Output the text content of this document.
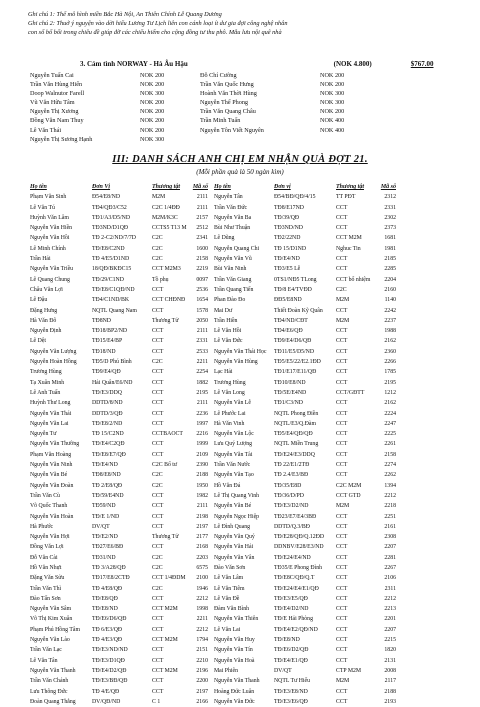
Ghi chú 1: Thể mô hình miền Bắc Hà Nội, An Thiên Chính Lễ Quang Dương
Ghi chú 2: Thuở ý nguyện vào dời hiếu Lương Tư Lịch liên con cánh loại ít dư gia đợi công nghệ nhân
con số bố bối trong chiêu đề giúp đỡ các chiếu hiếm cho cộng đồng tư thu phô. Mẫu lưu nội quê nhà
3. Cảm tình NORWAY - Hà Âu Hậu	(NOK 4.800)	$767.00
Nguyễn Tuấn Cai	NOK 200	Đỗ Chí Cường	NOK 200
Trần Văn Hùng Hiến	NOK 200	Trần Văn Quốc Hưng	NOK 200
Doop Walnutor Farell	NOK 300	Hoành Văn Thời Hùng	NOK 300
Vũ Văn Hữu Tâm	NOK 200	Nguyễn Thế Phong	NOK 300
Nguyễn Thị Xương	NOK 200	Trần Văn Quang Châu	NOK 200
Đồng Văn Nam Thuy	NOK 200	Trần Minh Tuấn	NOK 400
Lê Văn Thái	NOK 200	Nguyễn Tôn Viết Nguyên	NOK 400
Nguyễn Thị Sương Hạnh	NOK 300
III: DANH SÁCH ANH CHỊ EM NHẬN QUÀ ĐỢT 21.
(Mỗi phần quà là 50 ngàn kìm)
Họ tên	Đơn Vị	Thương tật	Mã số	Họ tên	Đơn vị	Thương tật	Mã số
Phạm Văn Sinh	Đ54/E8/ND	M2M	2111	Nguyễn Tân	Đ54/BĐ/QĐ/4/15	TT PĐT	2312
Lê Văn Tú	TĐ4/QĐ3/C52	C2C 1/4ĐĐ	2111	Trần Văn Đức	TĐ8/E17ND	CCT	2331
Huỳnh Văn Lâm	TĐ1/A3/D5/ND	M2M/K3C	2157	Nguyễn Văn Ba	TĐ/39/QĐ	CCT	2302
Nguyễn Văn Hiền	TĐ3ND/D1QĐ	CCTS5 T13 M	2512	Bùi Như Thuận	TĐ3ND/ND	CCT	2373
Nguyễn Văn Hồi	TĐ 2-C2/ND/7/7D	C2C	2341	Lê Dũng	TĐ2/22ND	CCT M2M	1681
Lê Minh Chính	TĐ/E8/C2ND	C2C	1600	Nguyễn Quang Chi	TĐ 15/D1ND	Nghuc Tin	1981
Trần Hải	TĐ 4/E5/D1ND	C2C	2158	Nguyễn Văn Vũ	TĐ/E4/ND	CCT	2185
Nguyễn Văn Triều	18/QĐ/BKĐC15	CCT M2M3	2219	Bùi Văn Ninh	TĐ3/E5 Lễ	CCT	2285
Lê Quang Chung	TĐ/29/C1ND	Tồ phụ	0097	Trần Văn Giang	0TS1/NĐ5 TLong	CCT bổ nhiệm	2204
Châu Văn Lợi	TĐ/E8/C1QĐ/ND	CCT	2536	Trần Quang Tiến	TĐ/8 E4/TVĐD	C2C	2160
Lê Đậu	TĐ4/C1ND/BK	CCT CHĐNĐ	1654	Phan Đào Đo	ĐĐ5/E8ND	M2M	1140
Đặng Hưng	NQTL Quang Nam	CCT	1578	Mai Dư	Thiết Đoàn Kỹ Quân	CCT	2242
Hà Văn Đô	TĐ8ND	Thương Tử	2050	Trần Hiền	TĐ4/ND/CĐT	M2M	2237
Nguyễn Định	TĐ18/BP2/ND	CCT	2111	Lê Văn Hồi	TĐ4/E6/QĐ	CCT	1988
Lê Dệt	TĐ15/E4/BP	CCT	2331	Lê Văn Đức	TĐ9/E4/D6/QĐ	CCT	2162
Nguyễn Văn Lượng	TĐ18/ND	CCT	2533	Nguyễn Văn Thái Học	TĐ11/E5/D5/ND	CCT	2360
Nguyễn Hoàn Hồng	TĐ5/D Phú Bình	C2C	2211	Nguyễn Văn Hùng	TĐ5/E5/22/E2.1ĐD	CCT	2266
Trương Hùng	TĐ9/E4/QĐ	CCT	2254	Lạc Hải	TĐ1/E17/E11/QĐ	CCT	1785
Tạ Xuân Minh	Hải Quân/E6/ND	CCT	1882	Trương Hùng	TĐ10/E8/ND	CCT	2195
Lê Anh Tuấn	TĐ/E3/DDQ	CCT	2195	Lê Văn Long	TĐ/5E/E4ND	CCT/GĐTT	1212
Huỳnh Thư Long	DDTD/8/ND	CCT	2111	Nguyễn Văn Lễ	TĐ1/C3/ND	CCT	2162
Nguyễn Văn Thái	DDTD/3/QĐ	CCT	2236	Lê Phước Lai	NQTL Phong Điền	CCT	2224
Nguyễn Văn Lai	TĐ/E8/2/ND	CCT	1997	Hà Văn Vinh	NQTL/E3/Q.Đàm	CCT	2247
Nguyễn Tư	TĐ 15/C2ND	CCTBAOCT	2216	Nguyễn Văn Lộc	TĐ5/E4/QĐ/QĐ	CCT	2225
Nguyễn Văn Thường	TĐ/E4/C2QĐ	CCT	1999	Lưu Quý Lượng	NQTL Miền Trung	CCT	2261
Phạm Văn Hoàng	TĐ/E8/E7/QĐ	CCT	2109	Nguyễn Văn Tài	TĐ/E24/E3/DDQ	CCT	2158
Nguyễn Văn Ninh	TĐ/E4/ND	C2C Bổ tư	2390	Trần Văn Nước	TĐ 22/E1/2TĐ	CCT	2274
Nguyễn Văn Bé	TĐ8/E8/ND	C2C	2188	Nguyễn Văn Tạo	TĐ 2.4/E3/BĐ	CCT	2262
Nguyễn Văn Đoàn	TĐ 2/E8/QĐ	C2C	1950	Hồ Văn Đá	TĐ/35/E8D	C2C M2M	1394
Trần Văn Cù	TĐ/59/E4ND	CCT	1982	Lê Thị Quang Vinh	TĐ/36/D/PD	CCT GTD	2212
Võ Quốc Thanh	TĐ59/ND	CCT	2111	Nguyễn Văn Bé	TĐ/E3/D2/ND	M2M	2218
Nguyễn Văn Hoàn	TĐ/E 1/ND	CCT	2198	Nguyễn Ngọc Hiệp	TĐ23/E7/E4/3BĐ	CCT	2251
Hà Phước	DV/QT	CCT	2197	Lê Đình Quang	DDTD/Q.3/BĐ	CCT	2161
Nguyễn Văn Hợi	TĐ/E2/ND	Thương Tử	2177	Nguyễn Văn Quý	TĐ/E28/QĐ/Q.12ĐD	CCT	2308
Đồng Văn Lợi	TĐ27/E6/BĐ	CCT	2168	Nguyễn Văn Hải	DDNBV/E28/E3/ND	CCT	2207
Đỗ Văn Cài	TĐ31/ND	C2C	2203	Nguyễn Văn Vân	TĐ/E24/E4/ND	CCT	2281
Hồ Văn Nhựt	TĐ 3/A28/QĐ	C2C	6575	Đào Văn Sơn	TĐ35/E Phong Đình	CCT	2267
Đặng Văn Sửu	TĐ17/E8/2CTĐ	CCT 1/4ĐDM	2100	Lê Văn Lâm	TĐ/E8C/QĐ/Q.T	CCT	2106
Trần Văn Thì	TĐ 4/E8/QĐ	C2C	1946	Lê Văn Tiêm	TĐ/E24/E4/E1/QĐ	CCT	2311
Đào Tấn Sơn	TĐ/E8/QĐ	CCT	2212	Lê Văn Đề	TĐ/E3/E5/QĐ	CCT	2212
Nguyễn Văn Sâm	TĐ/E8/ND	CCT M2M	1998	Đàm Văn Bình	TĐ/E4/D2/ND	CCT	2213
Võ Thị Kim Xuân	TĐ/E6/D6/QĐ	CCT	2211	Nguyễn Văn Thiên	TĐ/E Hải Phòng	CCT	2201
Phạm Phú Hồng Tâm	TĐ 6/E3/QĐ	CCT	2212	Lê Văn Lai	TĐ/E4/E2/QĐ/ND	CCT	2207
Nguyễn Văn Lào	TĐ 4/E3/QĐ	CCT M2M	1794	Nguyễn Văn Huy	TĐ/E8/ND	CCT	2215
Trần Văn Lạc	TĐ/E3/ND/ND	CCT	2151	Nguyễn Văn Tín	TĐ/E6/D2/QĐ	CCT	1820
Lê Văn Tân	TĐ/E3/D1QĐ	CCT	2210	Nguyễn Văn Hoà	TĐ/E4/E1/QĐ	CCT	2131
Nguyễn Văn Thanh	TĐ/E4/D2/QĐ	CCT M2M	2196	Mai Phiên	DV/QT	CTP M2M	2008
Trần Văn Chánh	TĐ/E3/BĐ/QĐ	CCT	2200	Nguyễn Văn Thanh	NQTL Tư Hiếu	M2M	2117
Lưu Thông Đức	TĐ 4/E/QĐ	CCT	2197	Hoàng Đức Luân	TĐ/E3/E8/ND	CCT	2188
Đoàn Quang Thắng	DV/QĐ/ND	C 1	2166	Nguyễn Văn Đức	TĐ/E3/E6/QĐ	CCT	2193
